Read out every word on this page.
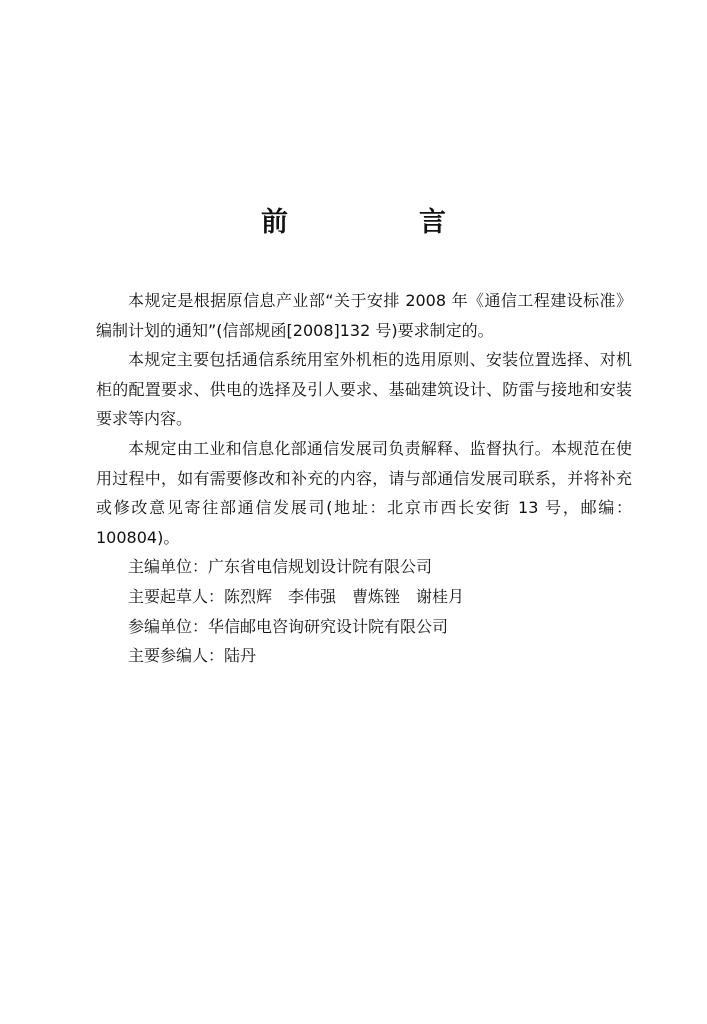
前　言

本规定是根据原信息产业部“关于安排 2008 年《通信工程建设标准》编制计划的通知”(信部规函[2008]132 号)要求制定的。

本规定主要包括通信系统用室外机柜的选用原则、安装位置选择、对机柜的配置要求、供电的选择及引人要求、基础建筑设计、防雷与接地和安装要求等内容。

本规定由工业和信息化部通信发展司负责解释、监督执行。本规范在使用过程中，如有需要修改和补充的内容，请与部通信发展司联系，并将补充或修改意见寄往部通信发展司(地址：北京市西长安街 13 号，邮编：100804)。

主编单位：广东省电信规划设计院有限公司

主要起草人：陈烈辉　李伟强　曹炼锉　谢桂月

参编单位：华信邮电咨询研究设计院有限公司

主要参编人：陆丹
